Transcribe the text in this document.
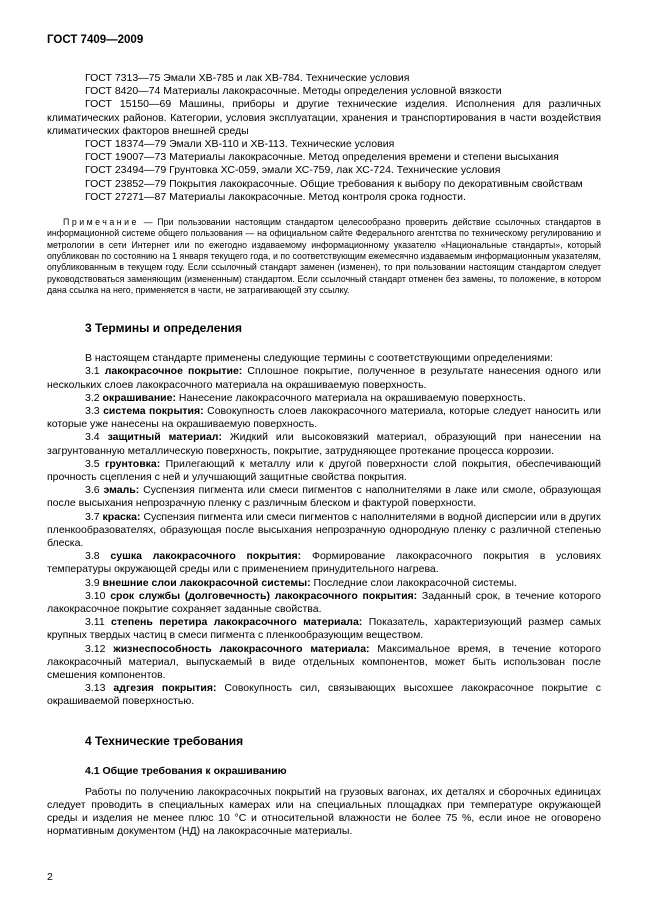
ГОСТ 7409—2009

ГОСТ 7313—75 Эмали ХВ-785 и лак ХВ-784. Технические условия

ГОСТ 8420—74 Материалы лакокрасочные. Методы определения условной вязкости

ГОСТ 15150—69 Машины, приборы и другие технические изделия. Исполнения для различных климатических районов. Категории, условия эксплуатации, хранения и транспортирования в части воздействия климатических факторов внешней среды

ГОСТ 18374—79 Эмали ХВ-110 и ХВ-113. Технические условия

ГОСТ 19007—73 Материалы лакокрасочные. Метод определения времени и степени высыхания

ГОСТ 23494—79 Грунтовка ХС-059, эмали ХС-759, лак ХС-724. Технические условия

ГОСТ 23852—79 Покрытия лакокрасочные. Общие требования к выбору по декоративным свойствам

ГОСТ 27271—87 Материалы лакокрасочные. Метод контроля срока годности.

Примечание — При пользовании настоящим стандартом целесообразно проверить действие ссылочных стандартов в информационной системе общего пользования — на официальном сайте Федерального агентства по техническому регулированию и метрологии в сети Интернет или по ежегодно издаваемому информационному указателю «Национальные стандарты», который опубликован по состоянию на 1 января текущего года, и по соответствующим ежемесячно издаваемым информационным указателям, опубликованным в текущем году. Если ссылочный стандарт заменен (изменен), то при пользовании настоящим стандартом следует руководствоваться заменяющим (измененным) стандартом. Если ссылочный стандарт отменен без замены, то положение, в котором дана ссылка на него, применяется в части, не затрагивающей эту ссылку.

3 Термины и определения

В настоящем стандарте применены следующие термины с соответствующими определениями:

3.1 лакокрасочное покрытие: Сплошное покрытие, полученное в результате нанесения одного или нескольких слоев лакокрасочного материала на окрашиваемую поверхность.

3.2 окрашивание: Нанесение лакокрасочного материала на окрашиваемую поверхность.

3.3 система покрытия: Совокупность слоев лакокрасочного материала, которые следует наносить или которые уже нанесены на окрашиваемую поверхность.

3.4 защитный материал: Жидкий или высоковязкий материал, образующий при нанесении на загрунтованную металлическую поверхность, покрытие, затрудняющее протекание процесса коррозии.

3.5 грунтовка: Прилегающий к металлу или к другой поверхности слой покрытия, обеспечивающий прочность сцепления с ней и улучшающий защитные свойства покрытия.

3.6 эмаль: Суспензия пигмента или смеси пигментов с наполнителями в лаке или смоле, образующая после высыхания непрозрачную пленку с различным блеском и фактурой поверхности.

3.7 краска: Суспензия пигмента или смеси пигментов с наполнителями в водной дисперсии или в других пленкообразователях, образующая после высыхания непрозрачную однородную пленку с различной степенью блеска.

3.8 сушка лакокрасочного покрытия: Формирование лакокрасочного покрытия в условиях температуры окружающей среды или с применением принудительного нагрева.

3.9 внешние слои лакокрасочной системы: Последние слои лакокрасочной системы.

3.10 срок службы (долговечность) лакокрасочного покрытия: Заданный срок, в течение которого лакокрасочное покрытие сохраняет заданные свойства.

3.11 степень перетира лакокрасочного материала: Показатель, характеризующий размер самых крупных твердых частиц в смеси пигмента с пленкообразующим веществом.

3.12 жизнеспособность лакокрасочного материала: Максимальное время, в течение которого лакокрасочный материал, выпускаемый в виде отдельных компонентов, может быть использован после смешения компонентов.

3.13 адгезия покрытия: Совокупность сил, связывающих высохшее лакокрасочное покрытие с окрашиваемой поверхностью.

4 Технические требования
4.1 Общие требования к окрашиванию

Работы по получению лакокрасочных покрытий на грузовых вагонах, их деталях и сборочных единицах следует проводить в специальных камерах или на специальных площадках при температуре окружающей среды и изделия не менее плюс 10 °С и относительной влажности не более 75 %, если иное не оговорено нормативным документом (НД) на лакокрасочные материалы.

2
